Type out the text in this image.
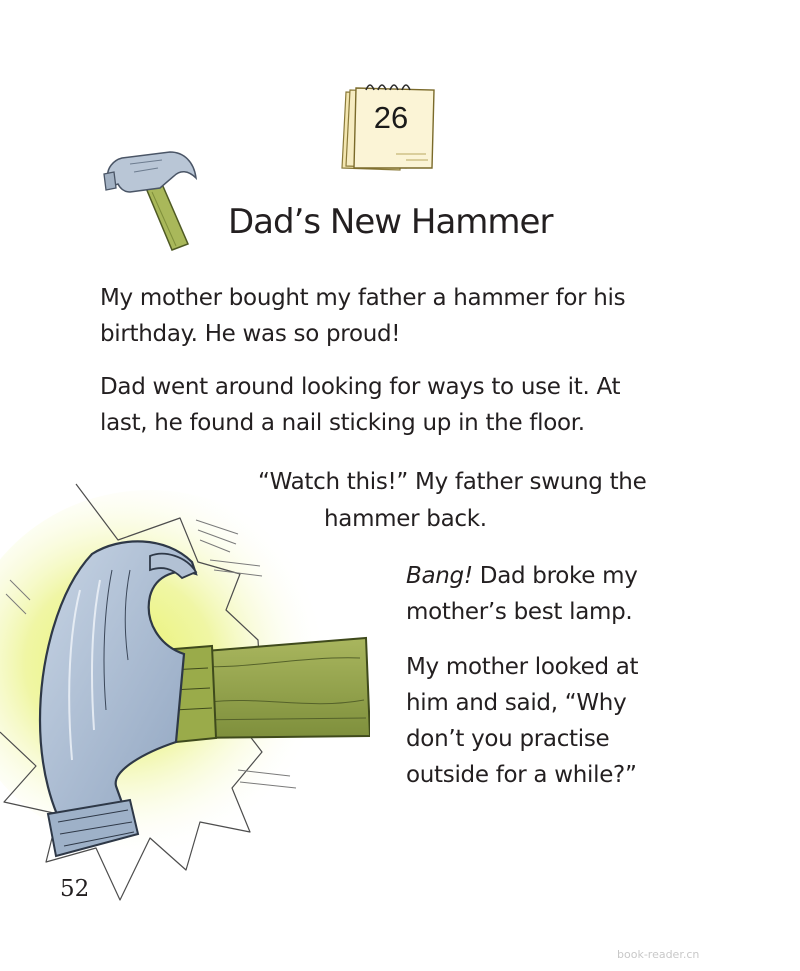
26
Dad’s New Hammer

My mother bought my father a hammer for his
birthday. He was so proud!

Dad went around looking for ways to use it. At
last, he found a nail sticking up in the floor.

“Watch this!” My father swung the

hammer back.

Bang! Dad broke my
mother’s best lamp.

My mother looked at
him and said, “Why
don’t you practise
outside for a while?”

52
book-reader.cn
